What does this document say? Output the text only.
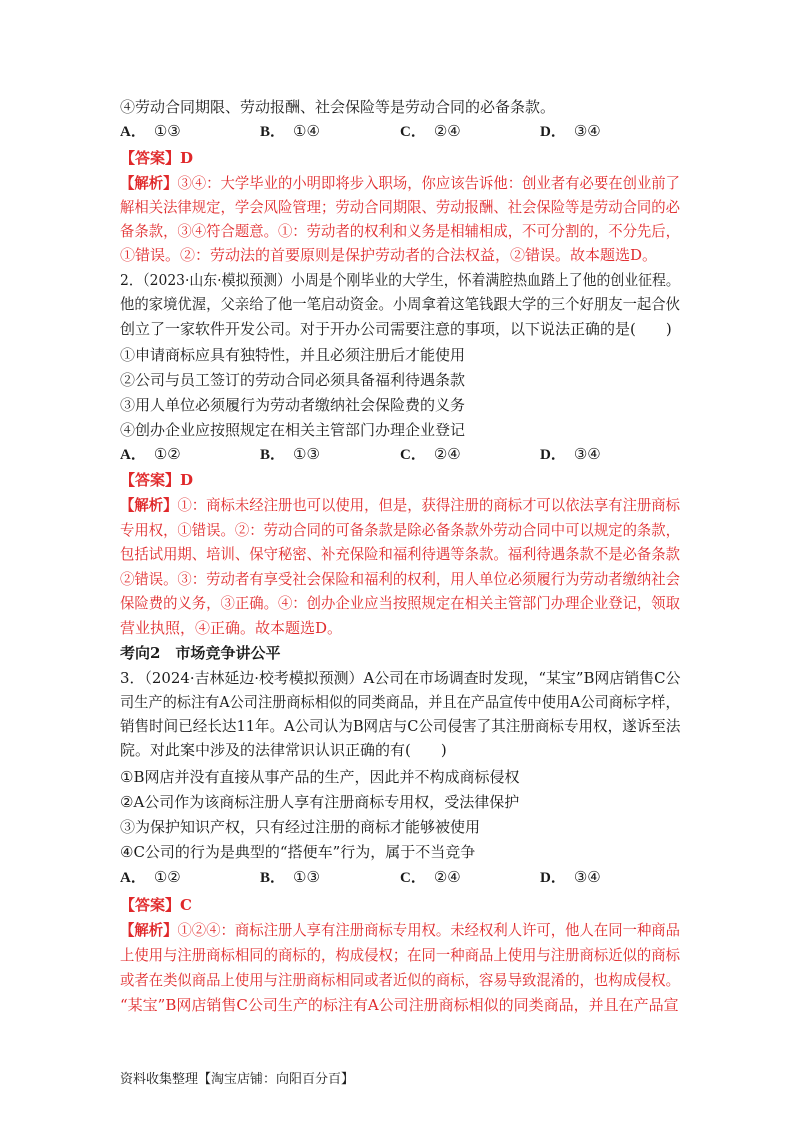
④劳动合同期限、劳动报酬、社会保险等是劳动合同的必备条款。
A． ①③	B． ①④	C． ②④	D． ③④
【答案】D
【解析】③④：大学毕业的小明即将步入职场，你应该告诉他：创业者有必要在创业前了
解相关法律规定，学会风险管理；劳动合同期限、劳动报酬、社会保险等是劳动合同的必
备条款，③④符合题意。①：劳动者的权利和义务是相辅相成，不可分割的，不分先后，
①错误。②：劳动法的首要原则是保护劳动者的合法权益，②错误。故本题选D。
2．（2023·山东·模拟预测）小周是个刚毕业的大学生，怀着满腔热血踏上了他的创业征程。
他的家境优渥，父亲给了他一笔启动资金。小周拿着这笔钱跟大学的三个好朋友一起合伙
创立了一家软件开发公司。对于开办公司需要注意的事项，以下说法正确的是(　　)
①申请商标应具有独特性，并且必须注册后才能使用
②公司与员工签订的劳动合同必须具备福利待遇条款
③用人单位必须履行为劳动者缴纳社会保险费的义务
④创办企业应按照规定在相关主管部门办理企业登记
A． ①②	B． ①③	C． ②④	D． ③④
【答案】D
【解析】①：商标未经注册也可以使用，但是，获得注册的商标才可以依法享有注册商标
专用权，①错误。②：劳动合同的可备条款是除必备条款外劳动合同中可以规定的条款，
包括试用期、培训、保守秘密、补充保险和福利待遇等条款。福利待遇条款不是必备条款
②错误。③：劳动者有享受社会保险和福利的权利，用人单位必须履行为劳动者缴纳社会
保险费的义务，③正确。④：创办企业应当按照规定在相关主管部门办理企业登记，领取
营业执照，④正确。故本题选D。
考向2　市场竞争讲公平
3．（2024·吉林延边·校考模拟预测）A公司在市场调查时发现，“某宝”B网店销售C公
司生产的标注有A公司注册商标相似的同类商品，并且在产品宣传中使用A公司商标字样，
销售时间已经长达11年。A公司认为B网店与C公司侵害了其注册商标专用权，遂诉至法
院。对此案中涉及的法律常识认识正确的有(　　)
①B网店并没有直接从事产品的生产，因此并不构成商标侵权
②A公司作为该商标注册人享有注册商标专用权，受法律保护
③为保护知识产权，只有经过注册的商标才能够被使用
④C公司的行为是典型的“搭便车”行为，属于不当竞争
A． ①②	B． ①③	C． ②④	D． ③④
【答案】C
【解析】①②④：商标注册人享有注册商标专用权。未经权利人许可，他人在同一种商品
上使用与注册商标相同的商标的，构成侵权；在同一种商品上使用与注册商标近似的商标
或者在类似商品上使用与注册商标相同或者近似的商标，容易导致混淆的，也构成侵权。
“某宝”B网店销售C公司生产的标注有A公司注册商标相似的同类商品，并且在产品宣
资料收集整理【淘宝店铺：向阳百分百】
